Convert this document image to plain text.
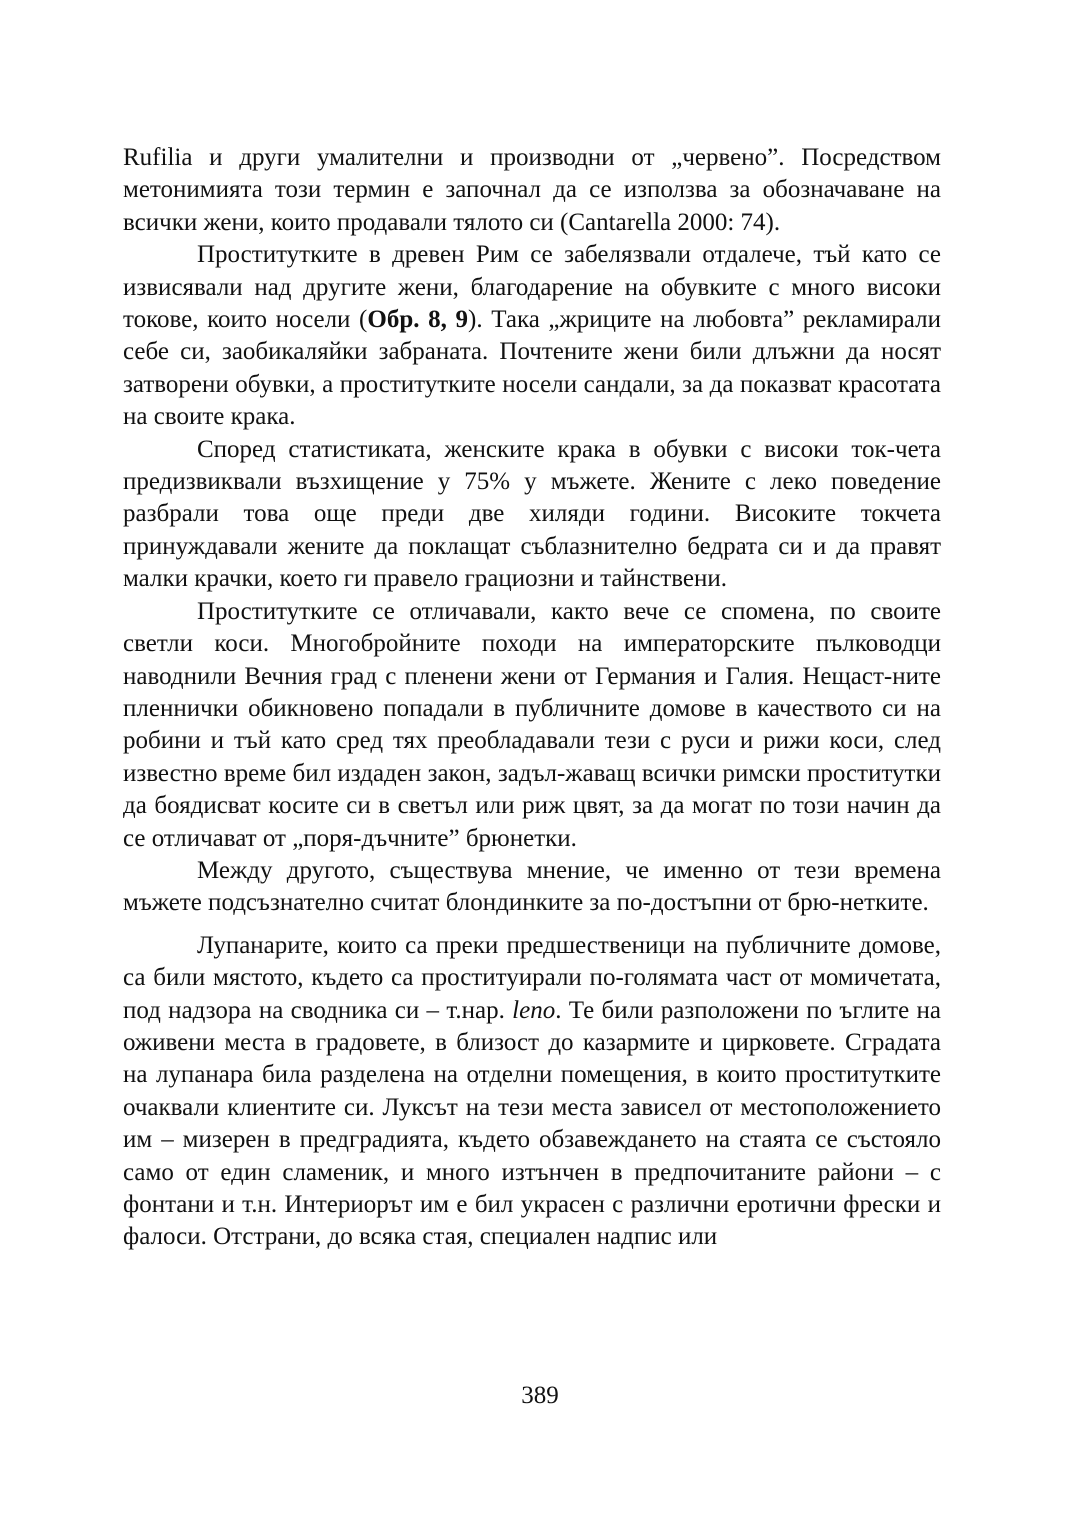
Rufilia и други умалителни и производни от „червено”. Посредством метонимията този термин е започнал да се използва за обозначаване на всички жени, които продавали тялото си (Cantarella 2000: 74).

Проститутките в древен Рим се забелязвали отдалече, тъй като се извисявали над другите жени, благодарение на обувките с много високи токове, които носели (Обр. 8, 9). Така „жриците на любовта” рекламирали себе си, заобикаляйки забраната. Почтените жени били длъжни да носят затворени обувки, а проститутките носели сандали, за да показват красотата на своите крака.

Според статистиката, женските крака в обувки с високи ток-чета предизвиквали възхищение у 75% у мъжете. Жените с леко поведение разбрали това още преди две хиляди години. Високите токчета принуждавали жените да поклащат съблазнително бедрата си и да правят малки крачки, което ги правело грациозни и тайнствени.

Проститутките се отличавали, както вече се спомена, по своите светли коси. Многобройните походи на императорските пълководци наводнили Вечния град с пленени жени от Германия и Галия. Нещаст-ните пленнички обикновено попадали в публичните домове в качеството си на робини и тъй като сред тях преобладавали тези с руси и рижи коси, след известно време бил издаден закон, задъл-жаващ всички римски проститутки да боядисват косите си в светъл или риж цвят, за да могат по този начин да се отличават от „поря-дъчните” брюнетки.

Между другото, съществува мнение, че именно от тези времена мъжете подсъзнателно считат блондинките за по-достъпни от брю-нетките.

Лупанарите, които са преки предшественици на публичните домове, са били мястото, където са проституирали по-голямата част от момичетата, под надзора на сводника си – т.нар. leno. Те били разположени по ъглите на оживени места в градовете, в близост до казармите и цирковете. Сградата на лупанара била разделена на отделни помещения, в които проститутките очаквали клиентите си. Луксът на тези места зависел от местоположението им – мизерен в предградията, където обзавеждането на стаята се състояло само от един сламеник, и много изтънчен в предпочитаните райони – с фонтани и т.н. Интериорът им е бил украсен с различни еротични фрески и фалоси. Отстрани, до всяка стая, специален надпис или

389
